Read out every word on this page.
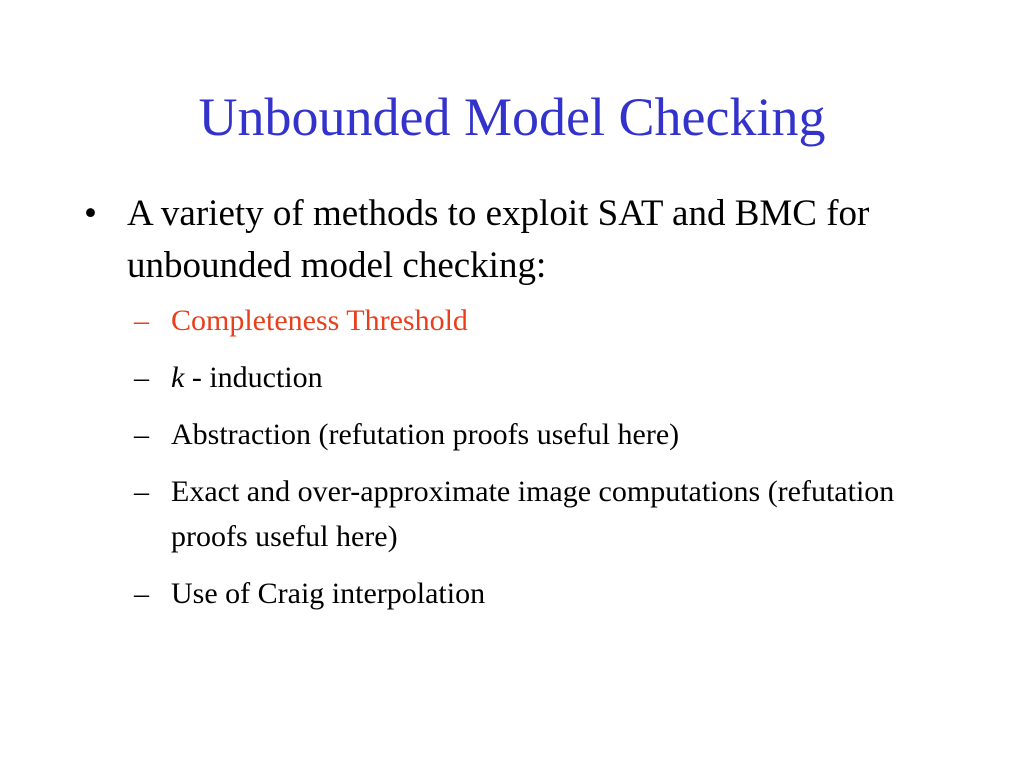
Unbounded Model Checking
• A variety of methods to exploit SAT and BMC for unbounded model checking:
– Completeness Threshold
– k - induction
– Abstraction (refutation proofs useful here)
– Exact and over-approximate image computations (refutation proofs useful here)
– Use of Craig interpolation
